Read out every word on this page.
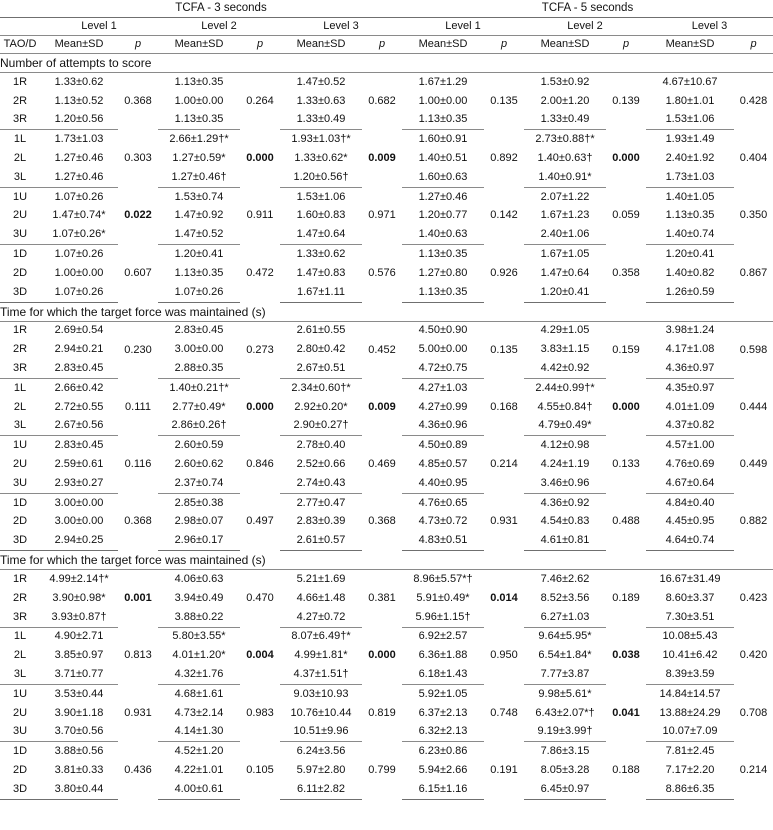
	TCFA - 3 seconds						TCFA - 5 seconds					
	Level 1		Level 2		Level 3		Level 1		Level 2		Level 3	
TAO/D	Mean±SD	p	Mean±SD	p	Mean±SD	p	Mean±SD	p	Mean±SD	p	Mean±SD	p
Number of attempts to score												
1R	1.33±0.62	0.368	1.13±0.35	0.264	1.47±0.52	0.682	1.67±1.29	0.135	1.53±0.92	0.139	4.67±10.67	0.428
2R	1.13±0.52		1.00±0.00		1.33±0.63		1.00±0.00		2.00±1.20		1.80±1.01	
3R	1.20±0.56		1.13±0.35		1.33±0.49		1.13±0.35		1.33±0.49		1.53±1.06	
1L	1.73±1.03	0.303	2.66±1.29†*	0.000	1.93±1.03†*	0.009	1.60±0.91	0.892	2.73±0.88†*	0.000	1.93±1.49	0.404
2L	1.27±0.46		1.27±0.59*		1.33±0.62*		1.40±0.51		1.40±0.63†		2.40±1.92	
3L	1.27±0.46		1.27±0.46†		1.20±0.56†		1.60±0.63		1.40±0.91*		1.73±1.03	
1U	1.07±0.26	0.022	1.53±0.74	0.911	1.53±1.06	0.971	1.27±0.46	0.142	2.07±1.22	0.059	1.40±1.05	0.350
2U	1.47±0.74*		1.47±0.92		1.60±0.83		1.20±0.77		1.67±1.23		1.13±0.35	
3U	1.07±0.26*		1.47±0.52		1.47±0.64		1.40±0.63		2.40±1.06		1.40±0.74	
1D	1.07±0.26	0.607	1.20±0.41	0.472	1.33±0.62	0.576	1.13±0.35	0.926	1.67±1.05	0.358	1.20±0.41	0.867
2D	1.00±0.00		1.13±0.35		1.47±0.83		1.27±0.80		1.47±0.64		1.40±0.82	
3D	1.07±0.26		1.07±0.26		1.67±1.11		1.13±0.35		1.20±0.41		1.26±0.59	
Time for which the target force was maintained (s)												
1R	2.69±0.54	0.230	2.83±0.45	0.273	2.61±0.55	0.452	4.50±0.90	0.135	4.29±1.05	0.159	3.98±1.24	0.598
2R	2.94±0.21		3.00±0.00		2.80±0.42		5.00±0.00		3.83±1.15		4.17±1.08	
3R	2.83±0.45		2.88±0.35		2.67±0.51		4.72±0.75		4.42±0.92		4.36±0.97	
1L	2.66±0.42	0.111	1.40±0.21†*	0.000	2.34±0.60†*	0.009	4.27±1.03	0.168	2.44±0.99†*	0.000	4.35±0.97	0.444
2L	2.72±0.55		2.77±0.49*		2.92±0.20*		4.27±0.99		4.55±0.84†		4.01±1.09	
3L	2.67±0.56		2.86±0.26†		2.90±0.27†		4.36±0.96		4.79±0.49*		4.37±0.82	
1U	2.83±0.45	0.116	2.60±0.59	0.846	2.78±0.40	0.469	4.50±0.89	0.214	4.12±0.98	0.133	4.57±1.00	0.449
2U	2.59±0.61		2.60±0.62		2.52±0.66		4.85±0.57		4.24±1.19		4.76±0.69	
3U	2.93±0.27		2.37±0.74		2.74±0.43		4.40±0.95		3.46±0.96		4.67±0.64	
1D	3.00±0.00	0.368	2.85±0.38	0.497	2.77±0.47	0.368	4.76±0.65	0.931	4.36±0.92	0.488	4.84±0.40	0.882
2D	3.00±0.00		2.98±0.07		2.83±0.39		4.73±0.72		4.54±0.83		4.45±0.95	
3D	2.94±0.25		2.96±0.17		2.61±0.57		4.83±0.51		4.61±0.81		4.64±0.74	
Time for which the target force was maintained (s)												
1R	4.99±2.14†*	0.001	4.06±0.63	0.470	5.21±1.69	0.381	8.96±5.57*†	0.014	7.46±2.62	0.189	16.67±31.49	0.423
2R	3.90±0.98*		3.94±0.49		4.66±1.48		5.91±0.49*		8.52±3.56		8.60±3.37	
3R	3.93±0.87†		3.88±0.22		4.27±0.72		5.96±1.15†		6.27±1.03		7.30±3.51	
1L	4.90±2.71	0.813	5.80±3.55*	0.004	8.07±6.49†*	0.000	6.92±2.57	0.950	9.64±5.95*	0.038	10.08±5.43	0.420
2L	3.85±0.97		4.01±1.20*		4.99±1.81*		6.36±1.88		6.54±1.84*		10.41±6.42	
3L	3.71±0.77		4.32±1.76		4.37±1.51†		6.18±1.43		7.77±3.87		8.39±3.59	
1U	3.53±0.44	0.931	4.68±1.61	0.983	9.03±10.93	0.819	5.92±1.05	0.748	9.98±5.61*	0.041	14.84±14.57	0.708
2U	3.90±1.18		4.73±2.14		10.76±10.44		6.37±2.13		6.43±2.07*†		13.88±24.29	
3U	3.70±0.56		4.14±1.30		10.51±9.96		6.32±2.13		9.19±3.99†		10.07±7.09	
1D	3.88±0.56	0.436	4.52±1.20	0.105	6.24±3.56	0.799	6.23±0.86	0.191	7.86±3.15	0.188	7.81±2.45	0.214
2D	3.81±0.33		4.22±1.01		5.97±2.80		5.94±2.66		8.05±3.28		7.17±2.20	
3D	3.80±0.44		4.00±0.61		6.11±2.82		6.15±1.16		6.45±0.97		8.86±6.35	
